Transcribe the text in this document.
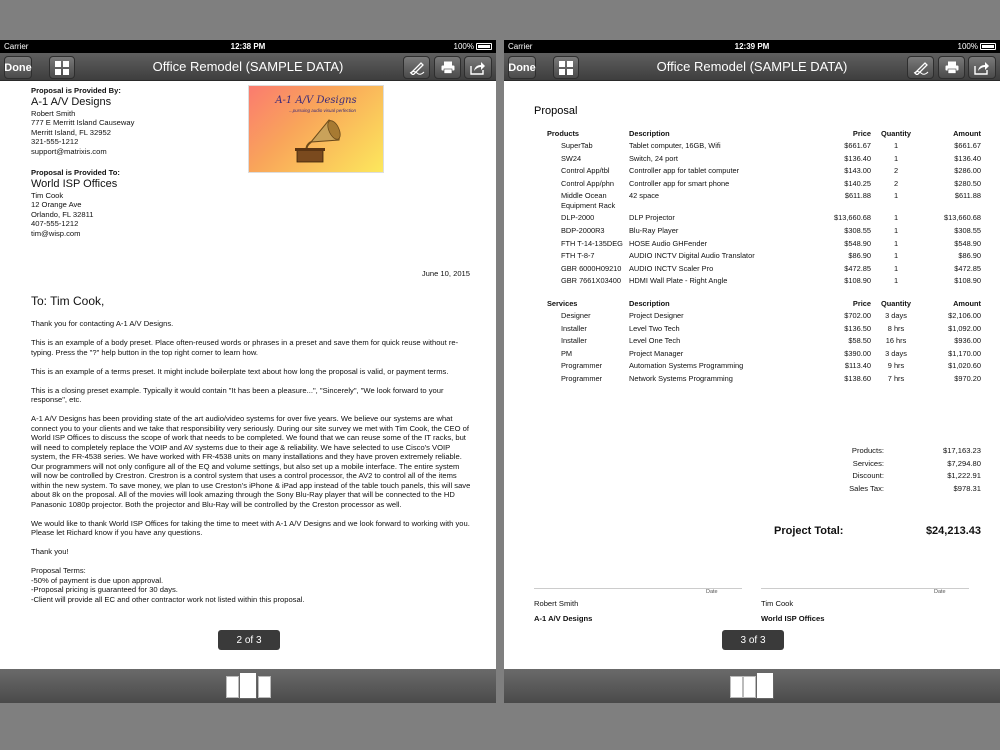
Carrier	12:38 PM	100%
Done	Office Remodel (SAMPLE DATA)
Proposal is Provided By:
A-1 A/V Designs
Robert Smith
777 E Merritt Island Causeway
Merritt Island, FL 32952
321-555-1212
support@matrixis.com
A-1 A/V Designs
...pursuing audio visual perfection
Proposal is Provided To:
World ISP Offices
Tim Cook
12 Orange Ave
Orlando, FL 32811
407-555-1212
tim@wisp.com
June 10, 2015
To: Tim Cook,

Thank you for contacting A-1 A/V Designs.

This is an example of a body preset. Place often-reused words or phrases in a preset and save them for quick reuse without re-typing. Press the "?" help button in the top right corner to learn how.

This is an example of a terms preset. It might include boilerplate text about how long the proposal is valid, or payment terms.

This is a closing preset example. Typically it would contain "It has been a pleasure...", "Sincerely", "We look forward to your response", etc.

A-1 A/V Designs has been providing state of the art audio/video systems for over five years. We believe our systems are what connect you to your clients and we take that responsibility very seriously. During our site survey we met with Tim Cook, the CEO of World ISP Offices to discuss the scope of work that needs to be completed. We found that we can reuse some of the IT racks, but will need to completely replace the VOIP and AV systems due to their age & reliability. We have selected to use Cisco's VOIP system, the FR-4538 series. We have worked with FR-4538 units on many installations and they have proven extremely reliable. Our programmers will not only configure all of the EQ and volume settings, but also set up a mobile interface. The entire system will now be controlled by Crestron. Crestron is a control system that uses a control processor, the AV2 to control all of the items within the new system. To save money, we plan to use Creston's iPhone & iPad app instead of the table touch panels, this will save about 8k on the proposal. All of the movies will look amazing through the Sony Blu-Ray player that will be connected to the HD Panasonic 1080p projector. Both the projector and Blu-Ray will be controlled by the Creston processor as well.

We would like to thank World ISP Offices for taking the time to meet with A-1 A/V Designs and we look forward to working with you. Please let Richard know if you have any questions.

Thank you!

Proposal Terms:
-50% of payment is due upon approval.
-Proposal pricing is guaranteed for 30 days.
-Client will provide all EC and other contractor work not listed within this proposal.
2 of 3
Carrier	12:39 PM	100%
Done	Office Remodel (SAMPLE DATA)
Proposal
Products	Description	Price	Quantity	Amount
SuperTab	Tablet computer, 16GB, Wifi	$661.67	1	$661.67
SW24	Switch, 24 port	$136.40	1	$136.40
Control App/tbl	Controller app for tablet computer	$143.00	2	$286.00
Control App/phn	Controller app for smart phone	$140.25	2	$280.50
Middle Ocean Equipment Rack	42 space	$611.88	1	$611.88
DLP-2000	DLP Projector	$13,660.68	1	$13,660.68
BDP-2000R3	Blu-Ray Player	$308.55	1	$308.55
FTH T-14-135DEG	HOSE Audio GHFender	$548.90	1	$548.90
FTH T-8-7	AUDIO INCTV Digital Audio Translator	$86.90	1	$86.90
GBR 6000H09210	AUDIO INCTV Scaler Pro	$472.85	1	$472.85
GBR 7661X03400	HDMI Wall Plate - Right Angle	$108.90	1	$108.90
Services	Description	Price	Quantity	Amount
Designer	Project Designer	$702.00	3 days	$2,106.00
Installer	Level Two Tech	$136.50	8 hrs	$1,092.00
Installer	Level One Tech	$58.50	16 hrs	$936.00
PM	Project Manager	$390.00	3 days	$1,170.00
Programmer	Automation Systems Programming	$113.40	9 hrs	$1,020.60
Programmer	Network Systems Programming	$138.60	7 hrs	$970.20
Products:	$17,163.23
Services:	$7,294.80
Discount:	$1,222.91
Sales Tax:	$978.31
Project Total:	$24,213.43
Date
Robert Smith
A-1 A/V Designs
Date
Tim Cook
World ISP Offices
3 of 3
